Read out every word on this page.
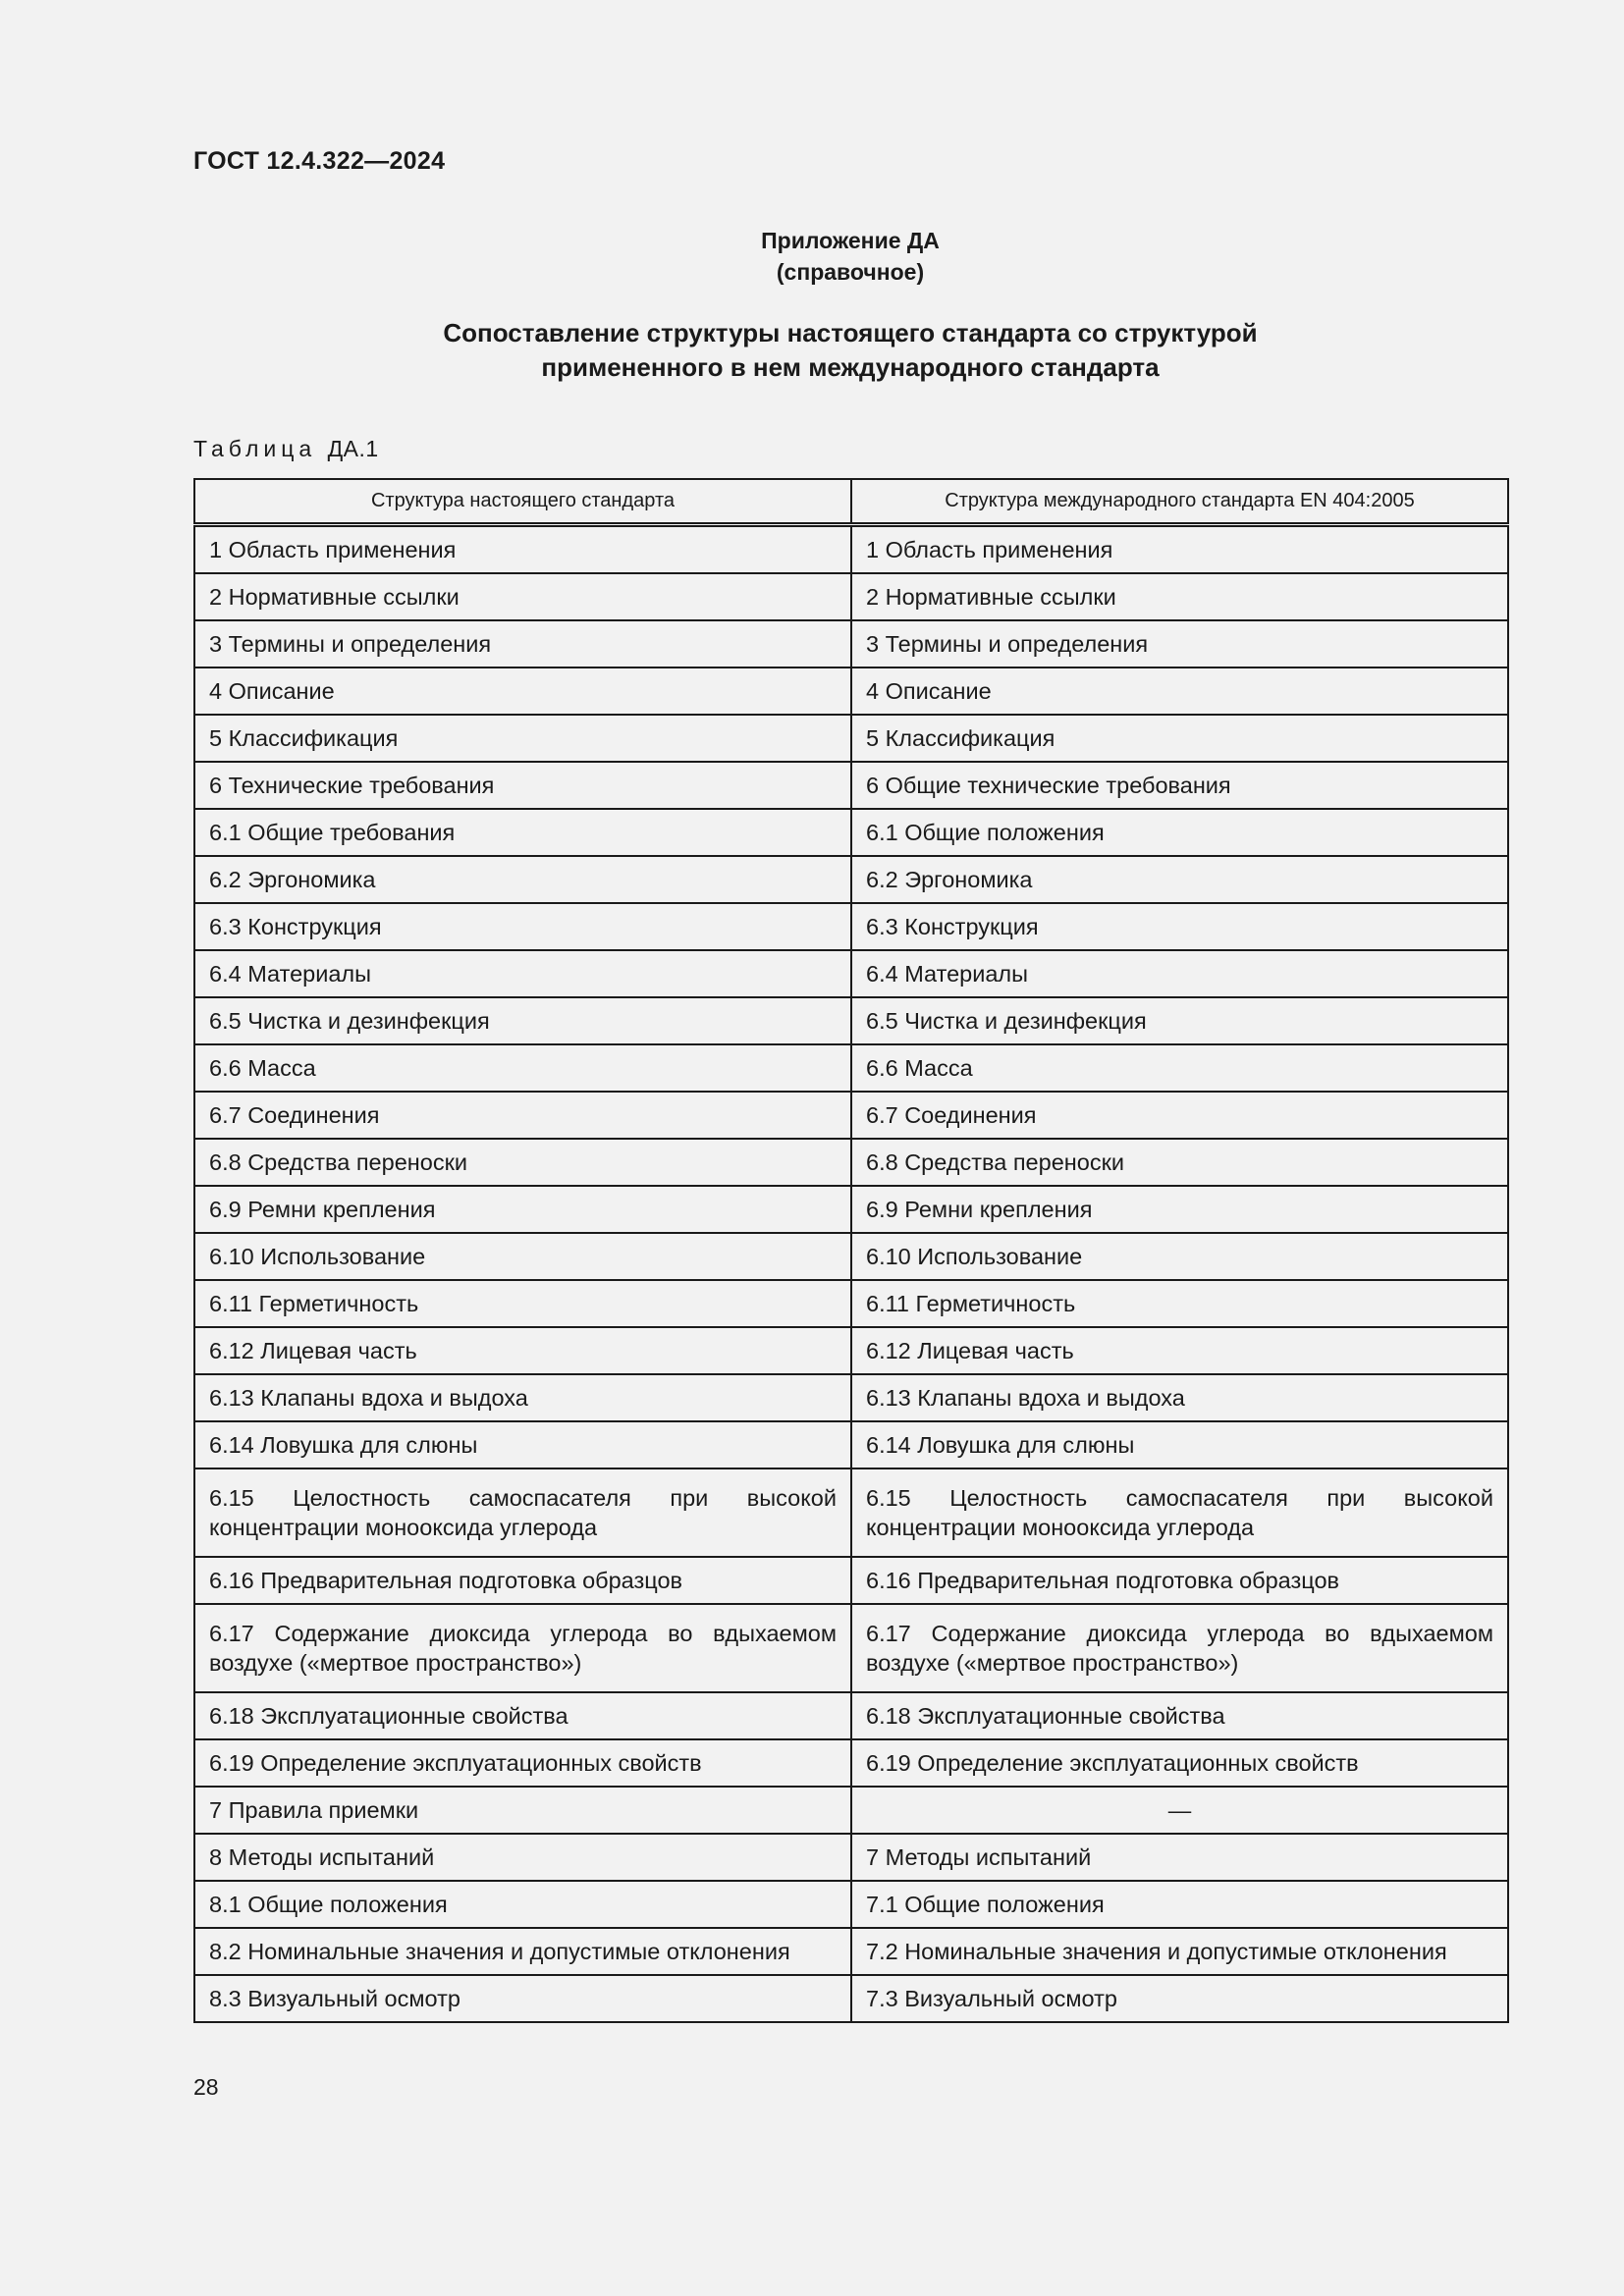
ГОСТ 12.4.322—2024
Приложение ДА
(справочное)
Сопоставление структуры настоящего стандарта со структурой
примененного в нем международного стандарта
Таблица ДА.1
Структура настоящего стандарта	Структура международного стандарта EN 404:2005
1 Область применения	1 Область применения
2 Нормативные ссылки	2 Нормативные ссылки
3 Термины и определения	3 Термины и определения
4 Описание	4 Описание
5 Классификация	5 Классификация
6 Технические требования	6 Общие технические требования
6.1 Общие требования	6.1 Общие положения
6.2 Эргономика	6.2 Эргономика
6.3 Конструкция	6.3 Конструкция
6.4 Материалы	6.4 Материалы
6.5 Чистка и дезинфекция	6.5 Чистка и дезинфекция
6.6 Масса	6.6 Масса
6.7 Соединения	6.7 Соединения
6.8 Средства переноски	6.8 Средства переноски
6.9 Ремни крепления	6.9 Ремни крепления
6.10 Использование	6.10 Использование
6.11 Герметичность	6.11 Герметичность
6.12 Лицевая часть	6.12 Лицевая часть
6.13 Клапаны вдоха и выдоха	6.13 Клапаны вдоха и выдоха
6.14 Ловушка для слюны	6.14 Ловушка для слюны
6.15 Целостность самоспасателя при высокой концентрации монооксида углерода	6.15 Целостность самоспасателя при высокой концентрации монооксида углерода
6.16 Предварительная подготовка образцов	6.16 Предварительная подготовка образцов
6.17 Содержание диоксида углерода во вдыхаемом воздухе («мертвое пространство»)	6.17 Содержание диоксида углерода во вдыхаемом воздухе («мертвое пространство»)
6.18 Эксплуатационные свойства	6.18 Эксплуатационные свойства
6.19 Определение эксплуатационных свойств	6.19 Определение эксплуатационных свойств
7 Правила приемки	—
8 Методы испытаний	7 Методы испытаний
8.1 Общие положения	7.1 Общие положения
8.2 Номинальные значения и допустимые отклонения	7.2 Номинальные значения и допустимые отклонения
8.3 Визуальный осмотр	7.3 Визуальный осмотр
28
